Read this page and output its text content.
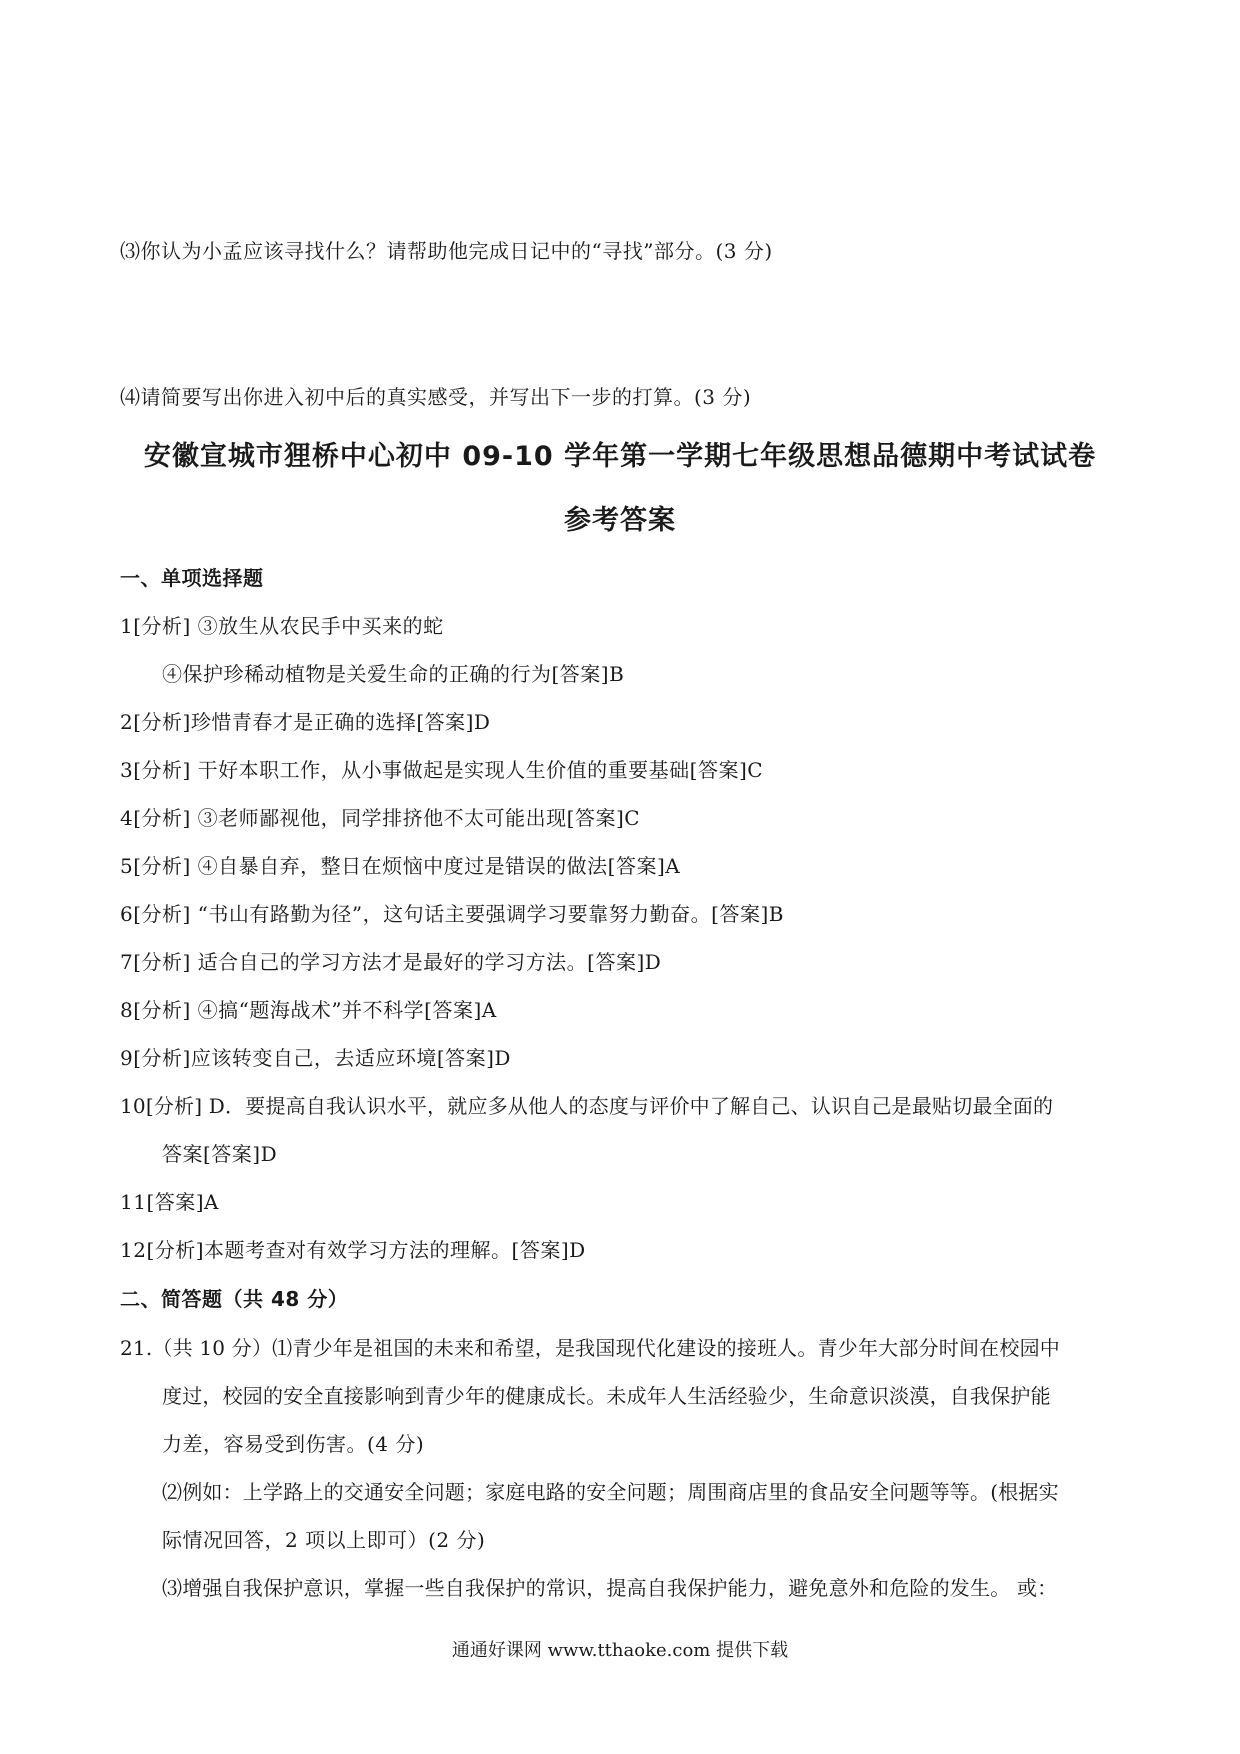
⑶你认为小孟应该寻找什么？请帮助他完成日记中的“寻找”部分。(3 分)
⑷请简要写出你进入初中后的真实感受，并写出下一步的打算。(3 分)
安徽宣城市狸桥中心初中 09-10 学年第一学期七年级思想品德期中考试试卷
参考答案
一、单项选择题
1[分析] ③放生从农民手中买来的蛇
④保护珍稀动植物是关爱生命的正确的行为[答案]B
2[分析]珍惜青春才是正确的选择[答案]D
3[分析] 干好本职工作，从小事做起是实现人生价值的重要基础[答案]C
4[分析] ③老师鄙视他，同学排挤他不太可能出现[答案]C
5[分析] ④自暴自弃，整日在烦恼中度过是错误的做法[答案]A
6[分析] “书山有路勤为径”，这句话主要强调学习要靠努力勤奋。[答案]B
7[分析] 适合自己的学习方法才是最好的学习方法。[答案]D
8[分析] ④搞“题海战术”并不科学[答案]A
9[分析]应该转变自己，去适应环境[答案]D
10[分析] D．要提高自我认识水平，就应多从他人的态度与评价中了解自己、认识自己是最贴切最全面的
答案[答案]D
11[答案]A
12[分析]本题考查对有效学习方法的理解。[答案]D
二、简答题（共 48 分）
21.（共 10 分）⑴青少年是祖国的未来和希望，是我国现代化建设的接班人。青少年大部分时间在校园中
度过，校园的安全直接影响到青少年的健康成长。未成年人生活经验少，生命意识淡漠，自我保护能
力差，容易受到伤害。(4 分)
⑵例如：上学路上的交通安全问题；家庭电路的安全问题；周围商店里的食品安全问题等等。(根据实
际情况回答，2 项以上即可）(2 分)
⑶增强自我保护意识，掌握一些自我保护的常识，提高自我保护能力，避免意外和危险的发生。 或：
通通好课网 www.tthaoke.com 提供下载
